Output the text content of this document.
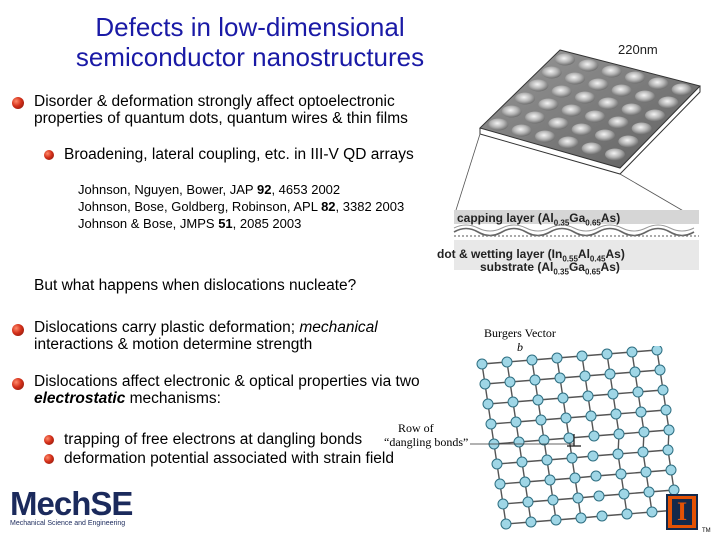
Defects in low-dimensional
semiconductor nanostructures
Disorder & deformation strongly affect optoelectronic
properties of quantum dots, quantum wires & thin films
Broadening, lateral coupling, etc. in III-V QD arrays
Johnson, Nguyen, Bower, JAP 92, 4653 2002
Johnson, Bose, Goldberg, Robinson, APL 82, 3382 2003
Johnson & Bose, JMPS 51, 2085 2003
But what happens when dislocations nucleate?
Dislocations carry plastic deformation; mechanical
interactions & motion determine strength
Dislocations affect electronic & optical properties via two
electrostatic mechanisms:
trapping of free electrons at dangling bonds
deformation potential associated with strain field
Row of
“dangling bonds”
220nm
capping layer $(Al_{0.35}Ga_{0.65}As)$
dot & wetting layer $(In_{0.55}Al_{0.45}As)$
substrate $(Al_{0.35}Ga_{0.65}As)$
Burgers Vector
b
MechSE
Mechanical Science and Engineering	I
TM
